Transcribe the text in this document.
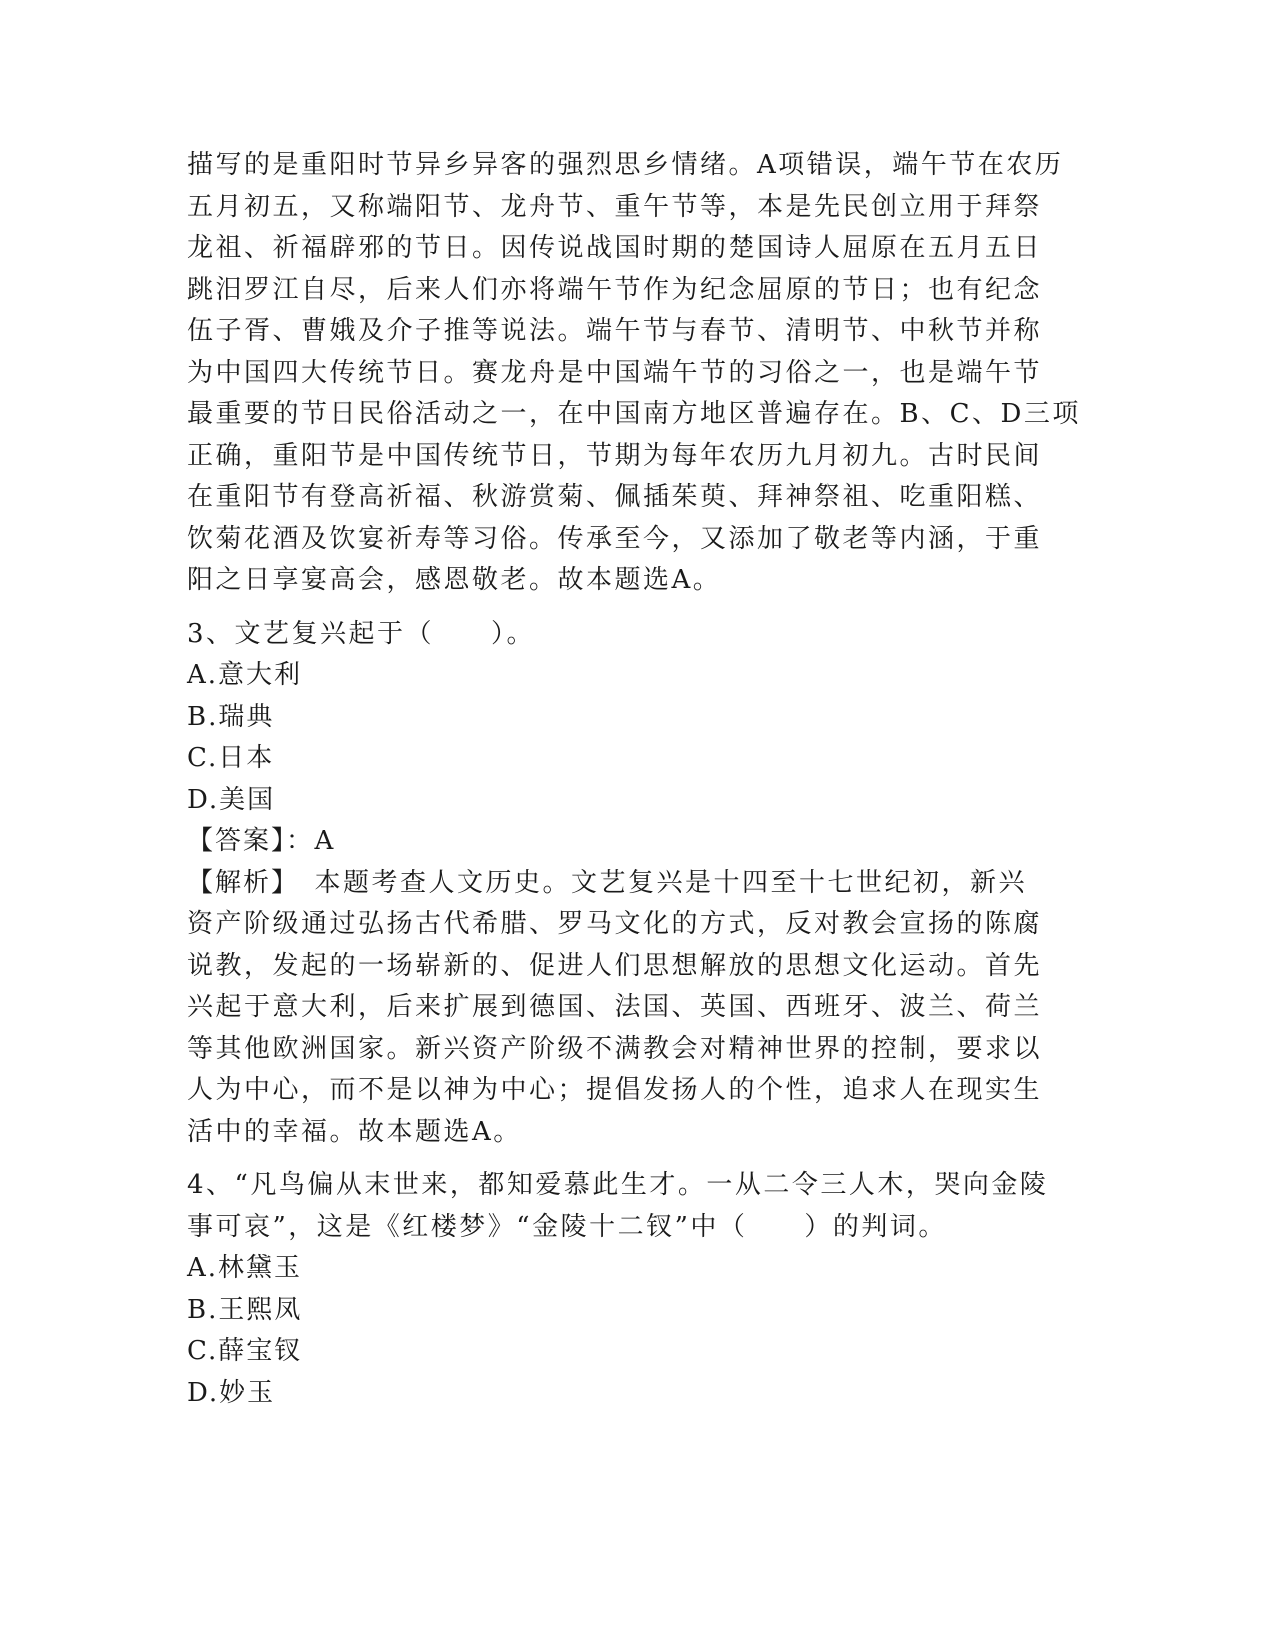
描写的是重阳时节异乡异客的强烈思乡情绪。A项错误，端午节在农历
五月初五，又称端阳节、龙舟节、重午节等，本是先民创立用于拜祭
龙祖、祈福辟邪的节日。因传说战国时期的楚国诗人屈原在五月五日
跳汨罗江自尽，后来人们亦将端午节作为纪念屈原的节日；也有纪念
伍子胥、曹娥及介子推等说法。端午节与春节、清明节、中秋节并称
为中国四大传统节日。赛龙舟是中国端午节的习俗之一，也是端午节
最重要的节日民俗活动之一，在中国南方地区普遍存在。B、C、D三项
正确，重阳节是中国传统节日，节期为每年农历九月初九。古时民间
在重阳节有登高祈福、秋游赏菊、佩插茱萸、拜神祭祖、吃重阳糕、
饮菊花酒及饮宴祈寿等习俗。传承至今，又添加了敬老等内涵，于重
阳之日享宴高会，感恩敬老。故本题选A。
3、文艺复兴起于（　　）。
A.意大利
B.瑞典
C.日本
D.美国
【答案】：A
【解析】　本题考查人文历史。文艺复兴是十四至十七世纪初，新兴
资产阶级通过弘扬古代希腊、罗马文化的方式，反对教会宣扬的陈腐
说教，发起的一场崭新的、促进人们思想解放的思想文化运动。首先
兴起于意大利，后来扩展到德国、法国、英国、西班牙、波兰、荷兰
等其他欧洲国家。新兴资产阶级不满教会对精神世界的控制，要求以
人为中心，而不是以神为中心；提倡发扬人的个性，追求人在现实生
活中的幸福。故本题选A。
4、“凡鸟偏从末世来，都知爱慕此生才。一从二令三人木，哭向金陵
事可哀”，这是《红楼梦》“金陵十二钗”中（　　）的判词。
A.林黛玉
B.王熙凤
C.薛宝钗
D.妙玉
